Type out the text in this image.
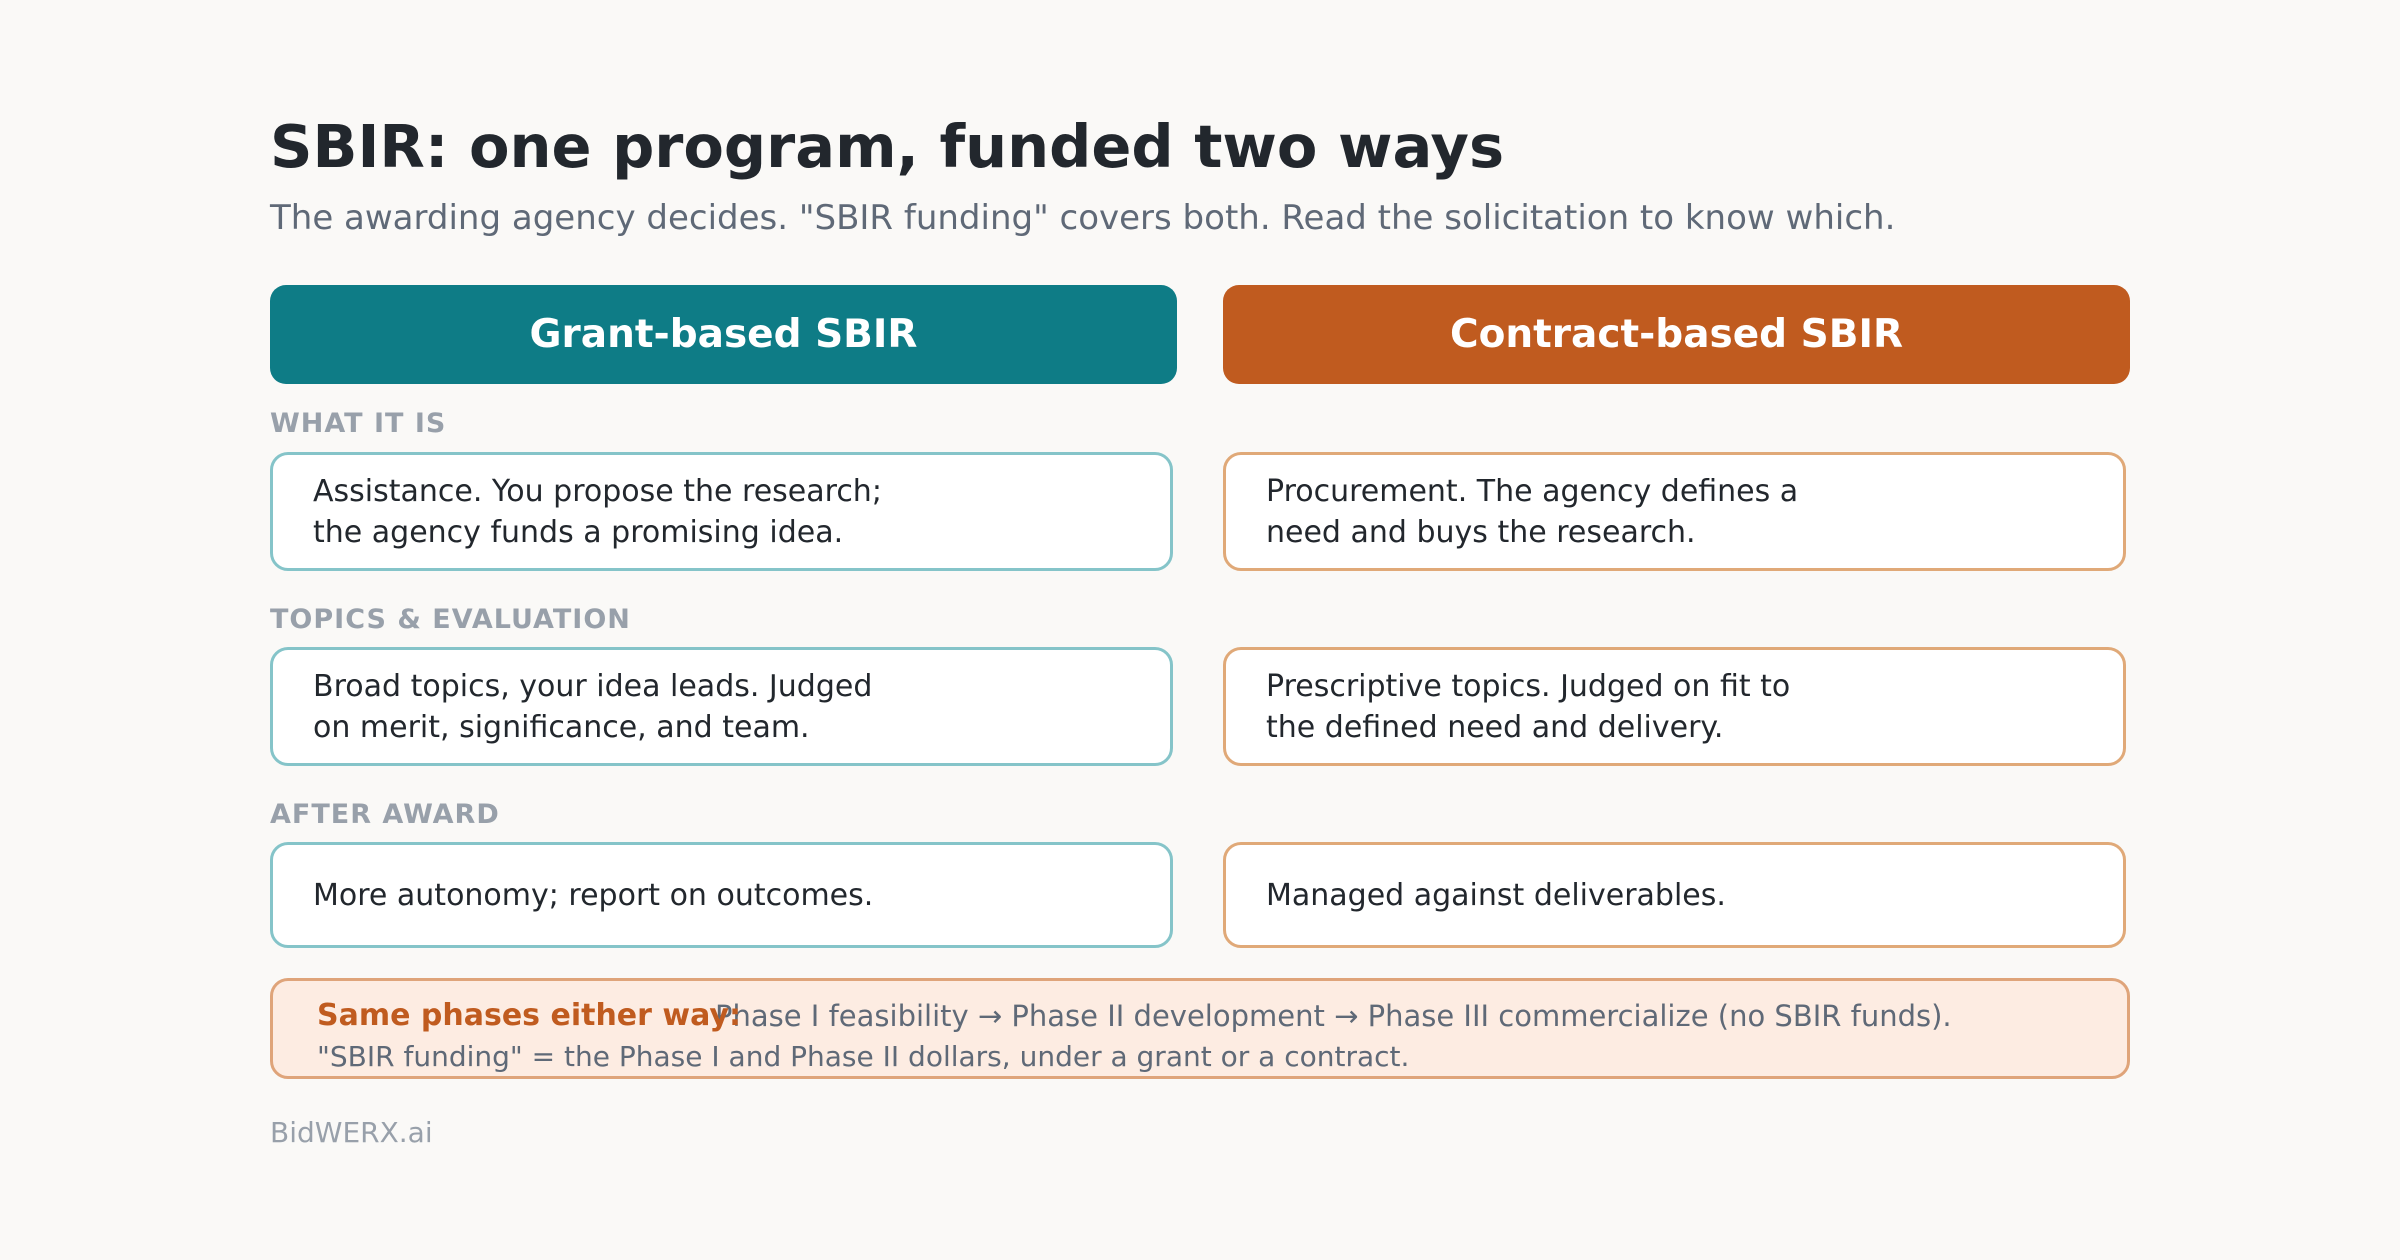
SBIR: one program, funded two ways

The awarding agency decides. "SBIR funding" covers both. Read the solicitation to know which.

Grant-based SBIR	Contract-based SBIR

WHAT IT IS

Assistance. You propose the research;
the agency funds a promising idea.
Procurement. The agency defines a
need and buys the research.

TOPICS & EVALUATION

Broad topics, your idea leads. Judged
on merit, significance, and team.
Prescriptive topics. Judged on fit to
the defined need and delivery.

AFTER AWARD

More autonomy; report on outcomes.	Managed against deliverables.
Phase I feasibility → Phase II development → Phase III commercialize (no SBIR funds).
Same phases either way:
"SBIR funding" = the Phase I and Phase II dollars, under a grant or a contract.

BidWERX.ai
